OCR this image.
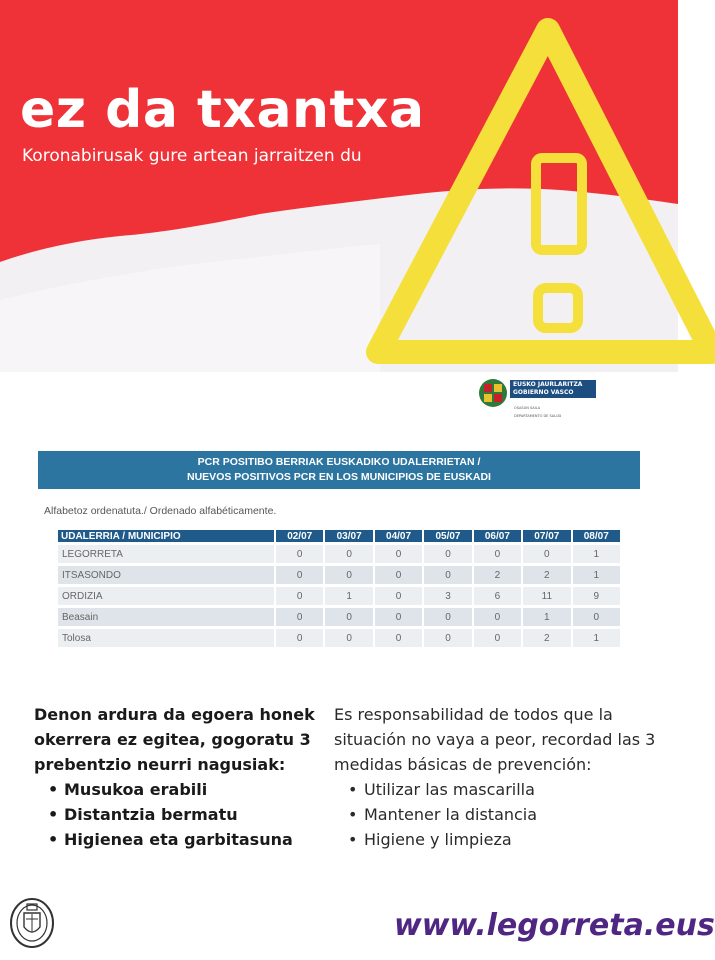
ez da txantxa
Koronabirusak gure artean jarraitzen du
EUSKO JAURLARITZA
GOBIERNO VASCO
OSASUN SAILA
DEPARTAMENTO DE SALUD
PCR POSITIBO BERRIAK EUSKADIKO UDALERRIETAN /
NUEVOS POSITIVOS PCR EN LOS MUNICIPIOS DE EUSKADI
Alfabetoz ordenatuta./ Ordenado alfabéticamente.
UDALERRIA / MUNICIPIO	02/07	03/07	04/07	05/07	06/07	07/07	08/07
LEGORRETA	0	0	0	0	0	0	1
ITSASONDO	0	0	0	0	2	2	1
ORDIZIA	0	1	0	3	6	11	9
Beasain	0	0	0	0	0	1	0
Tolosa	0	0	0	0	0	2	1

Denon ardura da egoera honek okerrera ez egitea, gogoratu 3 prebentzio neurri nagusiak:

• Musukoa erabili
• Distantzia bermatu
• Higienea eta garbitasuna

Es responsabilidad de todos que la situación no vaya a peor, recordad las 3 medidas básicas de prevención:

• Utilizar las mascarilla
• Mantener la distancia
• Higiene y limpieza
www.legorreta.eus
